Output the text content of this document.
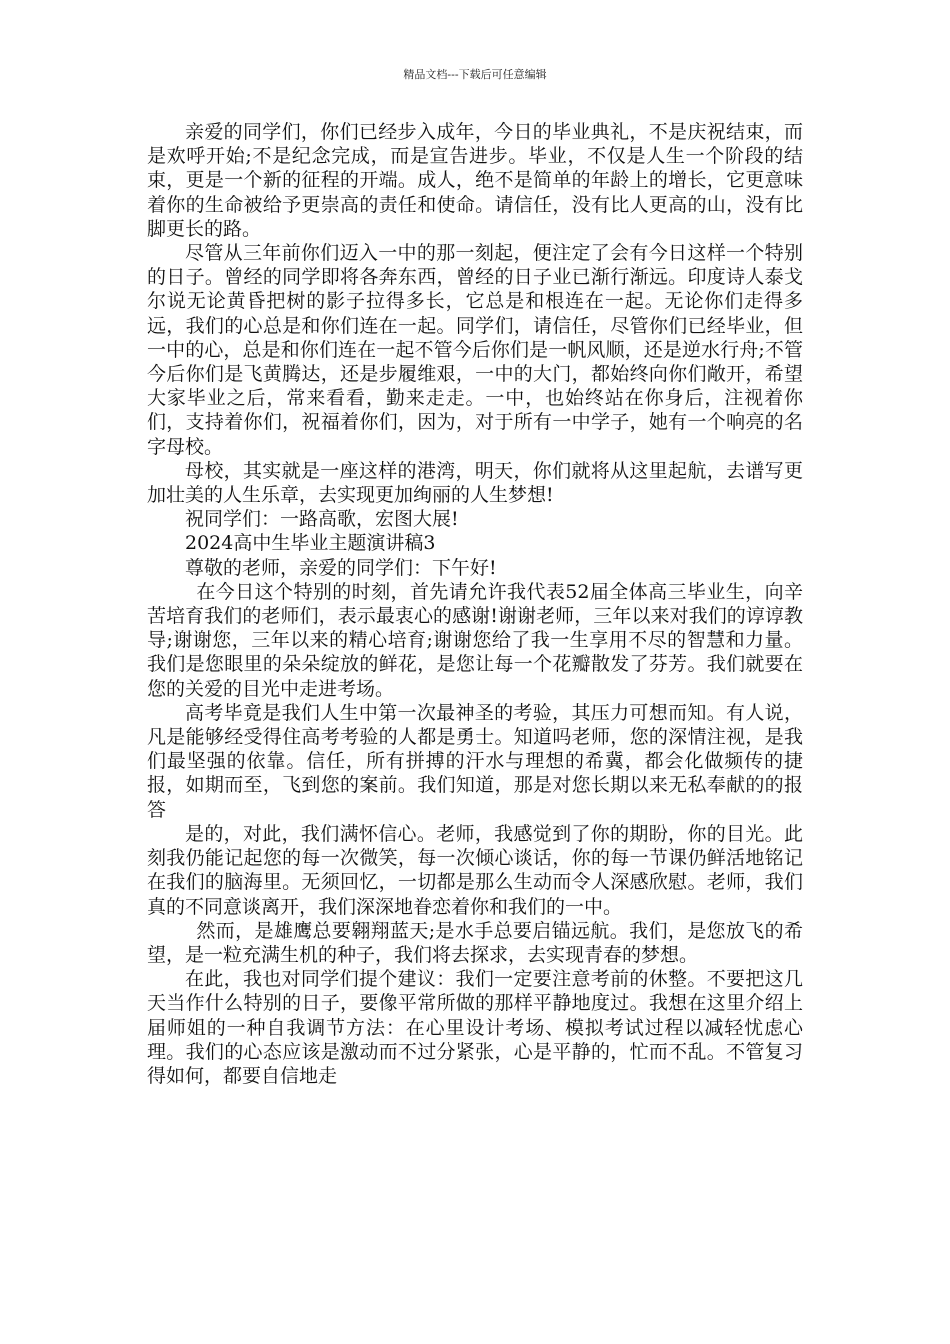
精品文档---下载后可任意编辑

亲爱的同学们，你们已经步入成年，今日的毕业典礼，不是庆祝结束，而是欢呼开始;不是纪念完成，而是宣告进步。毕业，不仅是人生一个阶段的结束，更是一个新的征程的开端。成人，绝不是简单的年龄上的增长，它更意味着你的生命被给予更崇高的责任和使命。请信任，没有比人更高的山，没有比脚更长的路。

尽管从三年前你们迈入一中的那一刻起，便注定了会有今日这样一个特别的日子。曾经的同学即将各奔东西，曾经的日子业已渐行渐远。印度诗人泰戈尔说无论黄昏把树的影子拉得多长，它总是和根连在一起。无论你们走得多远，我们的心总是和你们连在一起。同学们，请信任，尽管你们已经毕业，但一中的心，总是和你们连在一起不管今后你们是一帆风顺，还是逆水行舟;不管今后你们是飞黄腾达，还是步履维艰，一中的大门，都始终向你们敞开，希望大家毕业之后，常来看看，勤来走走。一中，也始终站在你身后，注视着你们，支持着你们，祝福着你们，因为，对于所有一中学子，她有一个响亮的名字母校。

母校，其实就是一座这样的港湾，明天，你们就将从这里起航，去谱写更加壮美的人生乐章，去实现更加绚丽的人生梦想!

祝同学们：一路高歌，宏图大展!

2024高中生毕业主题演讲稿3

尊敬的老师，亲爱的同学们：下午好!

在今日这个特别的时刻，首先请允许我代表52届全体高三毕业生，向辛苦培育我们的老师们，表示最衷心的感谢!谢谢老师，三年以来对我们的谆谆教导;谢谢您，三年以来的精心培育;谢谢您给了我一生享用不尽的智慧和力量。我们是您眼里的朵朵绽放的鲜花，是您让每一个花瓣散发了芬芳。我们就要在您的关爱的目光中走进考场。

高考毕竟是我们人生中第一次最神圣的考验，其压力可想而知。有人说，凡是能够经受得住高考考验的人都是勇士。知道吗老师，您的深情注视，是我们最坚强的依靠。信任，所有拼搏的汗水与理想的希冀，都会化做频传的捷报，如期而至，飞到您的案前。我们知道，那是对您长期以来无私奉献的的报答

是的，对此，我们满怀信心。老师，我感觉到了你的期盼，你的目光。此刻我仍能记起您的每一次微笑，每一次倾心谈话，你的每一节课仍鲜活地铭记在我们的脑海里。无须回忆，一切都是那么生动而令人深感欣慰。老师，我们真的不同意谈离开，我们深深地眷恋着你和我们的一中。

然而，是雄鹰总要翱翔蓝天;是水手总要启锚远航。我们，是您放飞的希望，是一粒充满生机的种子，我们将去探求，去实现青春的梦想。

在此，我也对同学们提个建议：我们一定要注意考前的休整。不要把这几天当作什么特别的日子，要像平常所做的那样平静地度过。我想在这里介绍上届师姐的一种自我调节方法：在心里设计考场、模拟考试过程以减轻忧虑心理。我们的心态应该是激动而不过分紧张，心是平静的，忙而不乱。不管复习得如何，都要自信地走
